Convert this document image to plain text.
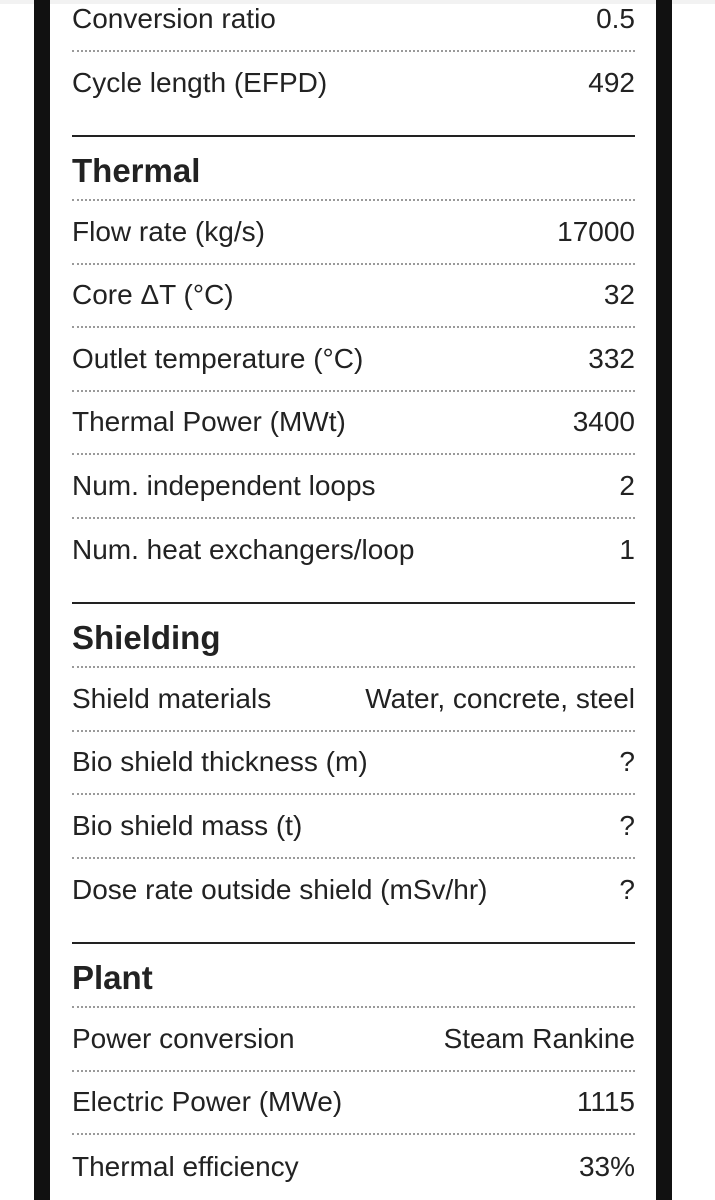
Conversion ratio	0.5
Cycle length (EFPD)	492
Thermal
Flow rate (kg/s)	17000
Core ΔT (°C)	32
Outlet temperature (°C)	332
Thermal Power (MWt)	3400
Num. independent loops	2
Num. heat exchangers/loop	1
Shielding
Shield materials	Water, concrete, steel
Bio shield thickness (m)	?
Bio shield mass (t)	?
Dose rate outside shield (mSv/hr)	?
Plant
Power conversion	Steam Rankine
Electric Power (MWe)	1115
Thermal efficiency	33%
